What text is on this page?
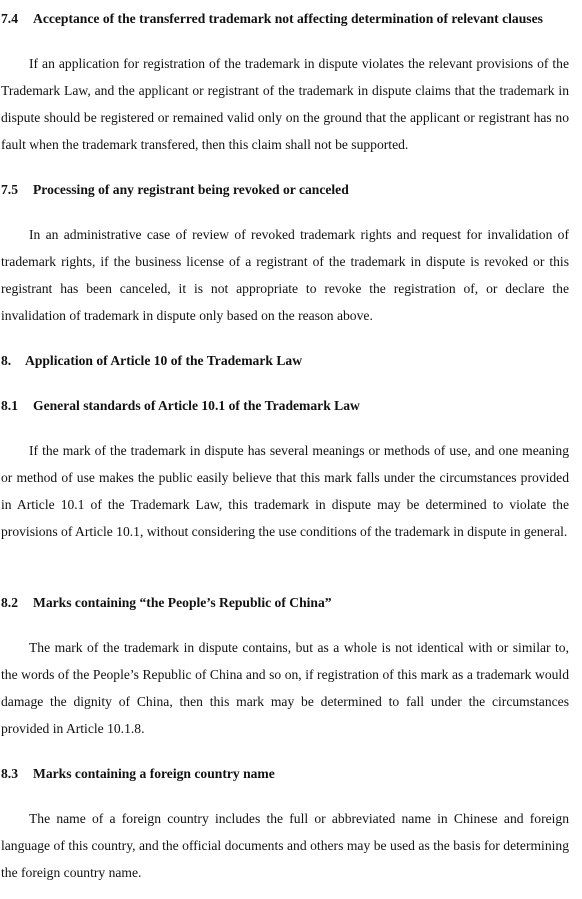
7.4 Acceptance of the transferred trademark not affecting determination of relevant clauses

If an application for registration of the trademark in dispute violates the relevant provisions of the Trademark Law, and the applicant or registrant of the trademark in dispute claims that the trademark in dispute should be registered or remained valid only on the ground that the applicant or registrant has no fault when the trademark transfered, then this claim shall not be supported.

7.5 Processing of any registrant being revoked or canceled

In an administrative case of review of revoked trademark rights and request for invalidation of trademark rights, if the business license of a registrant of the trademark in dispute is revoked or this registrant has been canceled, it is not appropriate to revoke the registration of, or declare the invalidation of trademark in dispute only based on the reason above.

8. Application of Article 10 of the Trademark Law
8.1 General standards of Article 10.1 of the Trademark Law

If the mark of the trademark in dispute has several meanings or methods of use, and one meaning or method of use makes the public easily believe that this mark falls under the circumstances provided in Article 10.1 of the Trademark Law, this trademark in dispute may be determined to violate the provisions of Article 10.1, without considering the use conditions of the trademark in dispute in general.

8.2 Marks containing “the People’s Republic of China”

The mark of the trademark in dispute contains, but as a whole is not identical with or similar to, the words of the People’s Republic of China and so on, if registration of this mark as a trademark would damage the dignity of China, then this mark may be determined to fall under the circumstances provided in Article 10.1.8.

8.3 Marks containing a foreign country name

The name of a foreign country includes the full or abbreviated name in Chinese and foreign language of this country, and the official documents and others may be used as the basis for determining the foreign country name.
